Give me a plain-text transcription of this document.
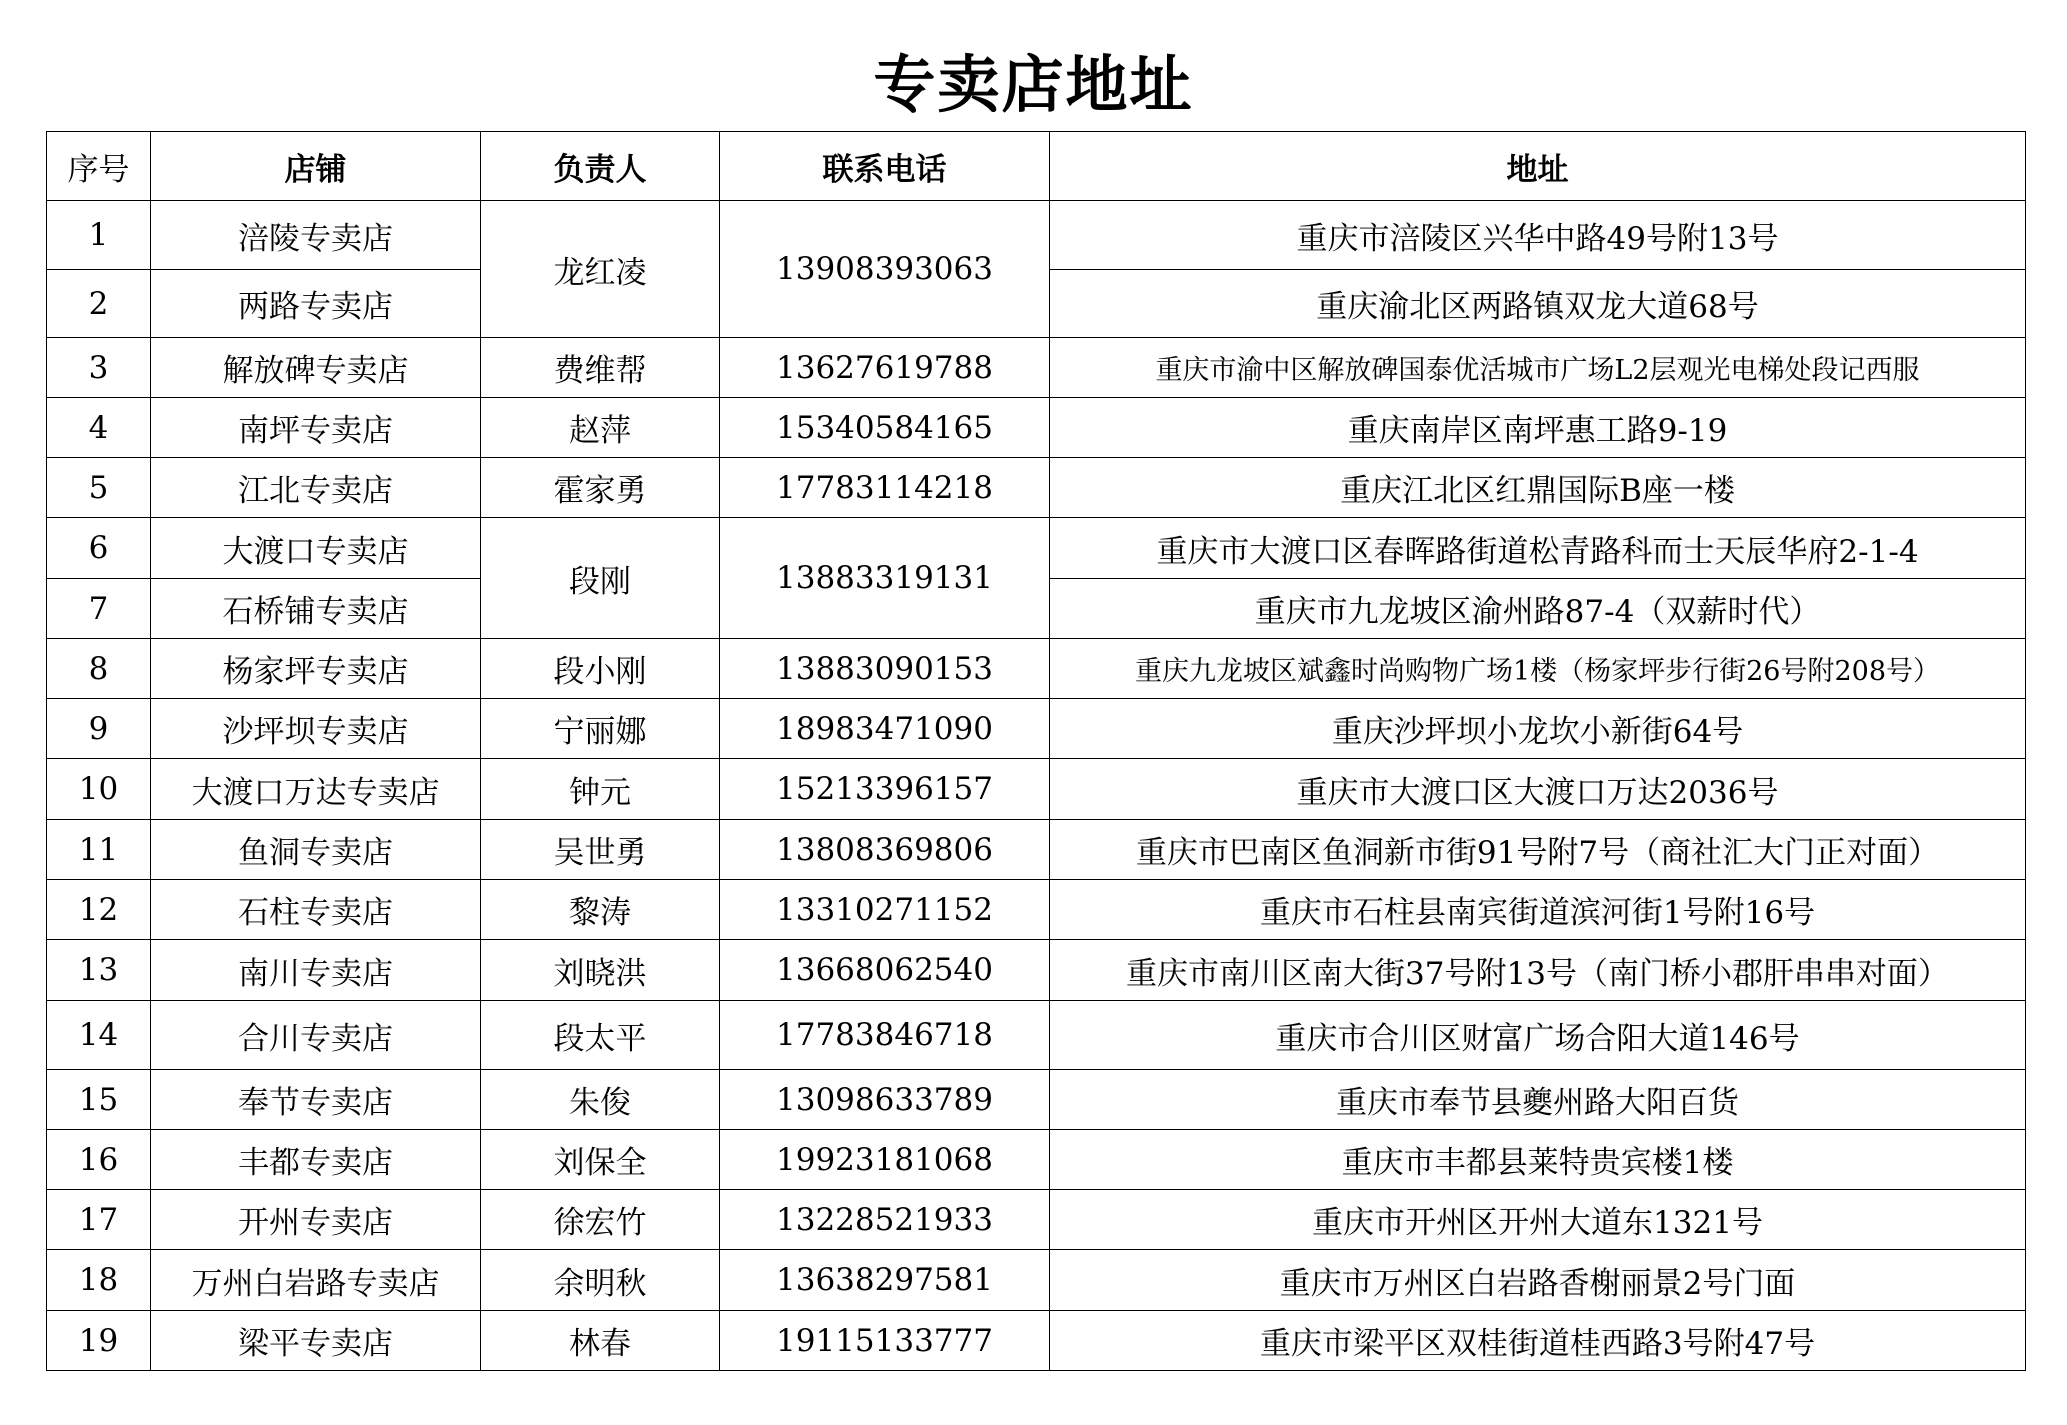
专卖店地址
序号	店铺	负责人	联系电话	地址
1	涪陵专卖店	龙红凌	13908393063	重庆市涪陵区兴华中路49号附13号
2	两路专卖店			重庆渝北区两路镇双龙大道68号
3	解放碑专卖店	费维帮	13627619788	重庆市渝中区解放碑国泰优活城市广场L2层观光电梯处段记西服
4	南坪专卖店	赵萍	15340584165	重庆南岸区南坪惠工路9-19
5	江北专卖店	霍家勇	17783114218	重庆江北区红鼎国际B座一楼
6	大渡口专卖店	段刚	13883319131	重庆市大渡口区春晖路街道松青路科而士天辰华府2-1-4
7	石桥铺专卖店			重庆市九龙坡区渝州路87-4（双薪时代）
8	杨家坪专卖店	段小刚	13883090153	重庆九龙坡区斌鑫时尚购物广场1楼（杨家坪步行街26号附208号）
9	沙坪坝专卖店	宁丽娜	18983471090	重庆沙坪坝小龙坎小新街64号
10	大渡口万达专卖店	钟元	15213396157	重庆市大渡口区大渡口万达2036号
11	鱼洞专卖店	吴世勇	13808369806	重庆市巴南区鱼洞新市街91号附7号（商社汇大门正对面）
12	石柱专卖店	黎涛	13310271152	重庆市石柱县南宾街道滨河街1号附16号
13	南川专卖店	刘晓洪	13668062540	重庆市南川区南大街37号附13号（南门桥小郡肝串串对面）
14	合川专卖店	段太平	17783846718	重庆市合川区财富广场合阳大道146号
15	奉节专卖店	朱俊	13098633789	重庆市奉节县夔州路大阳百货
16	丰都专卖店	刘保全	19923181068	重庆市丰都县莱特贵宾楼1楼
17	开州专卖店	徐宏竹	13228521933	重庆市开州区开州大道东1321号
18	万州白岩路专卖店	余明秋	13638297581	重庆市万州区白岩路香榭丽景2号门面
19	梁平专卖店	林春	19115133777	重庆市梁平区双桂街道桂西路3号附47号
